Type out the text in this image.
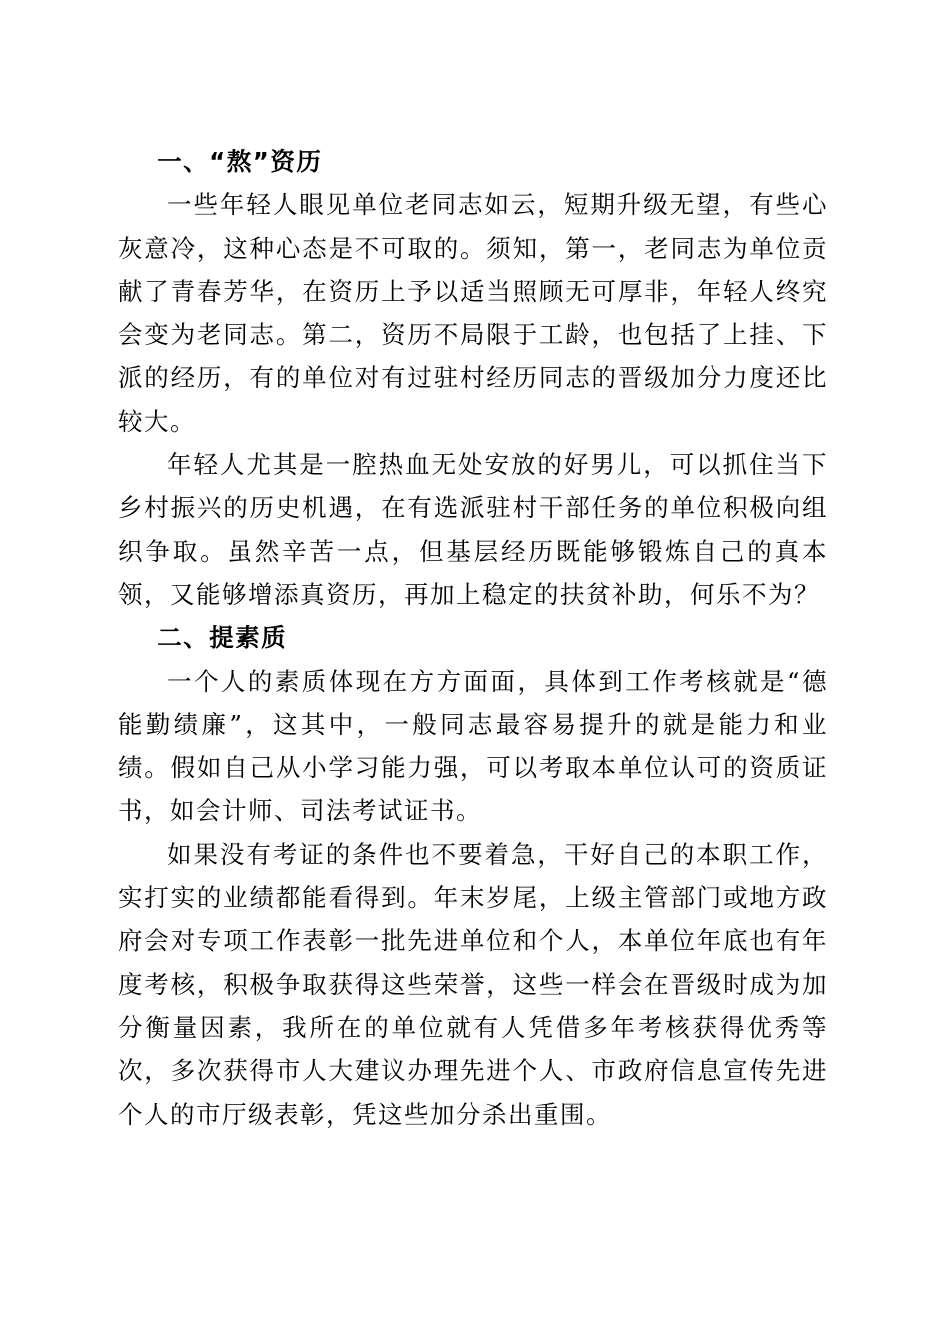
一、“熬”资历

一些年轻人眼见单位老同志如云，短期升级无望，有些心灰意冷，这种心态是不可取的。须知，第一，老同志为单位贡献了青春芳华，在资历上予以适当照顾无可厚非，年轻人终究会变为老同志。第二，资历不局限于工龄，也包括了上挂、下派的经历，有的单位对有过驻村经历同志的晋级加分力度还比较大。

年轻人尤其是一腔热血无处安放的好男儿，可以抓住当下乡村振兴的历史机遇，在有选派驻村干部任务的单位积极向组织争取。虽然辛苦一点，但基层经历既能够锻炼自己的真本领，又能够增添真资历，再加上稳定的扶贫补助，何乐不为？

二、提素质

一个人的素质体现在方方面面，具体到工作考核就是“德能勤绩廉”，这其中，一般同志最容易提升的就是能力和业绩。假如自己从小学习能力强，可以考取本单位认可的资质证书，如会计师、司法考试证书。

如果没有考证的条件也不要着急，干好自己的本职工作，实打实的业绩都能看得到。年末岁尾，上级主管部门或地方政府会对专项工作表彰一批先进单位和个人，本单位年底也有年度考核，积极争取获得这些荣誉，这些一样会在晋级时成为加分衡量因素，我所在的单位就有人凭借多年考核获得优秀等次，多次获得市人大建议办理先进个人、市政府信息宣传先进个人的市厅级表彰，凭这些加分杀出重围。
